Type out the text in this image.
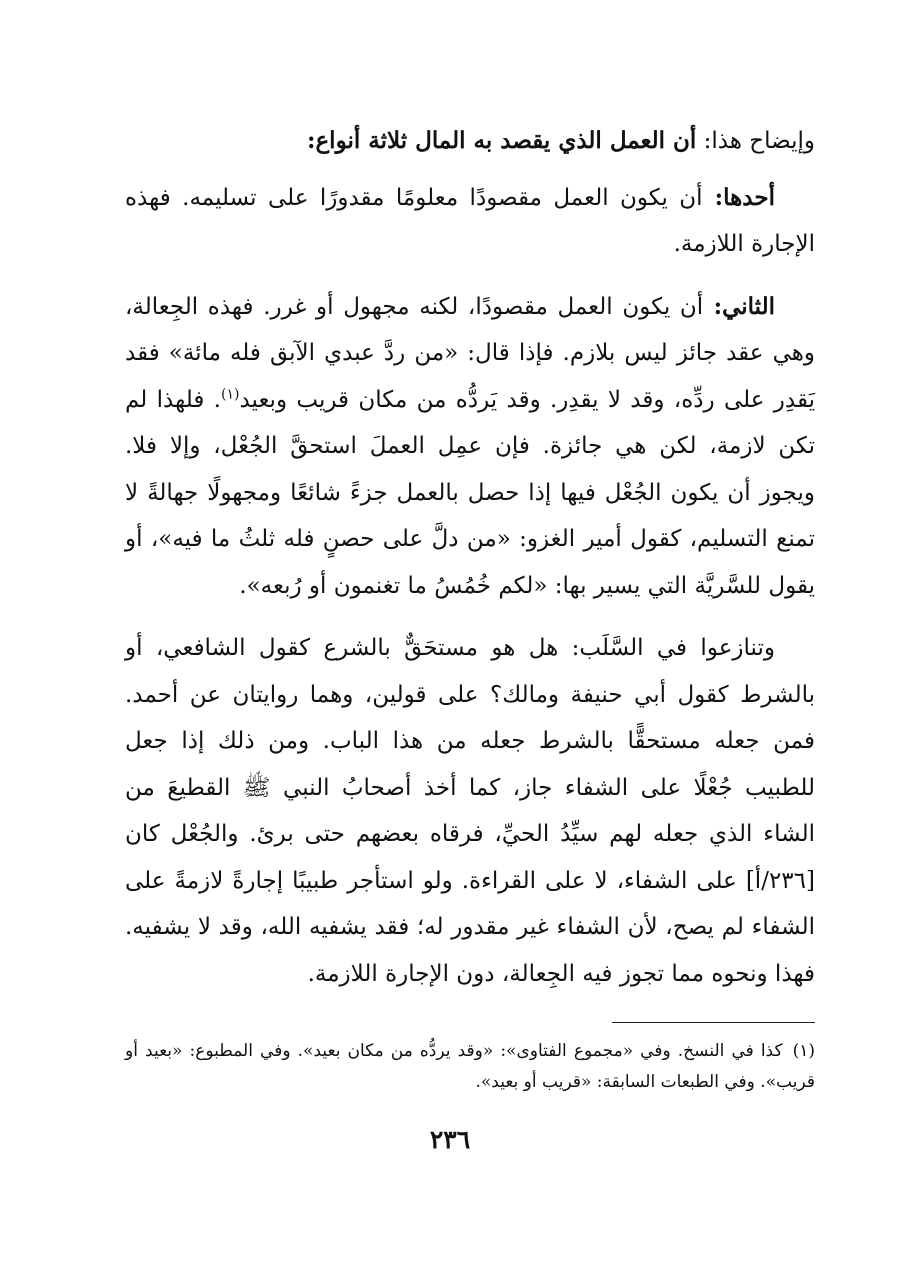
وإيضاح هذا: أن العمل الذي يقصد به المال ثلاثة أنواع:

أحدها: أن يكون العمل مقصودًا معلومًا مقدورًا على تسليمه. فهذه الإجارة اللازمة.

الثاني: أن يكون العمل مقصودًا، لكنه مجهول أو غرر. فهذه الجِعالة، وهي عقد جائز ليس بلازم. فإذا قال: «من ردَّ عبدي الآبق فله مائة» فقد يَقدِر على ردِّه، وقد لا يقدِر. وقد يَردُّه من مكان قريب وبعيد$^{(١)}$. فلهذا لم تكن لازمة، لكن هي جائزة. فإن عمِل العملَ استحقَّ الجُعْل، وإلا فلا. ويجوز أن يكون الجُعْل فيها إذا حصل بالعمل جزءً شائعًا ومجهولًا جهالةً لا تمنع التسليم، كقول أمير الغزو: «من دلَّ على حصنٍ فله ثلثُ ما فيه»، أو يقول للسَّريَّة التي يسير بها: «لكم خُمُسُ ما تغنمون أو رُبعه».

وتنازعوا في السَّلَب: هل هو مستحَقٌّ بالشرع كقول الشافعي، أو بالشرط كقول أبي حنيفة ومالك؟ على قولين، وهما روايتان عن أحمد. فمن جعله مستحقًّا بالشرط جعله من هذا الباب. ومن ذلك إذا جعل للطبيب جُعْلًا على الشفاء جاز، كما أخذ أصحابُ النبي ﷺ القطيعَ من الشاء الذي جعله لهم سيِّدُ الحيِّ، فرقاه بعضهم حتى برئ. والجُعْل كان [٢٣٦/أ] على الشفاء، لا على القراءة. ولو استأجر طبيبًا إجارةً لازمةً على الشفاء لم يصح، لأن الشفاء غير مقدور له؛ فقد يشفيه الله، وقد لا يشفيه. فهذا ونحوه مما تجوز فيه الجِعالة، دون الإجارة اللازمة.

(١)كذا في النسخ. وفي «مجموع الفتاوى»: «وقد يردُّه من مكان بعيد». وفي المطبوع: «بعيد أو قريب». وفي الطبعات السابقة: «قريب أو بعيد».

٢٣٦
